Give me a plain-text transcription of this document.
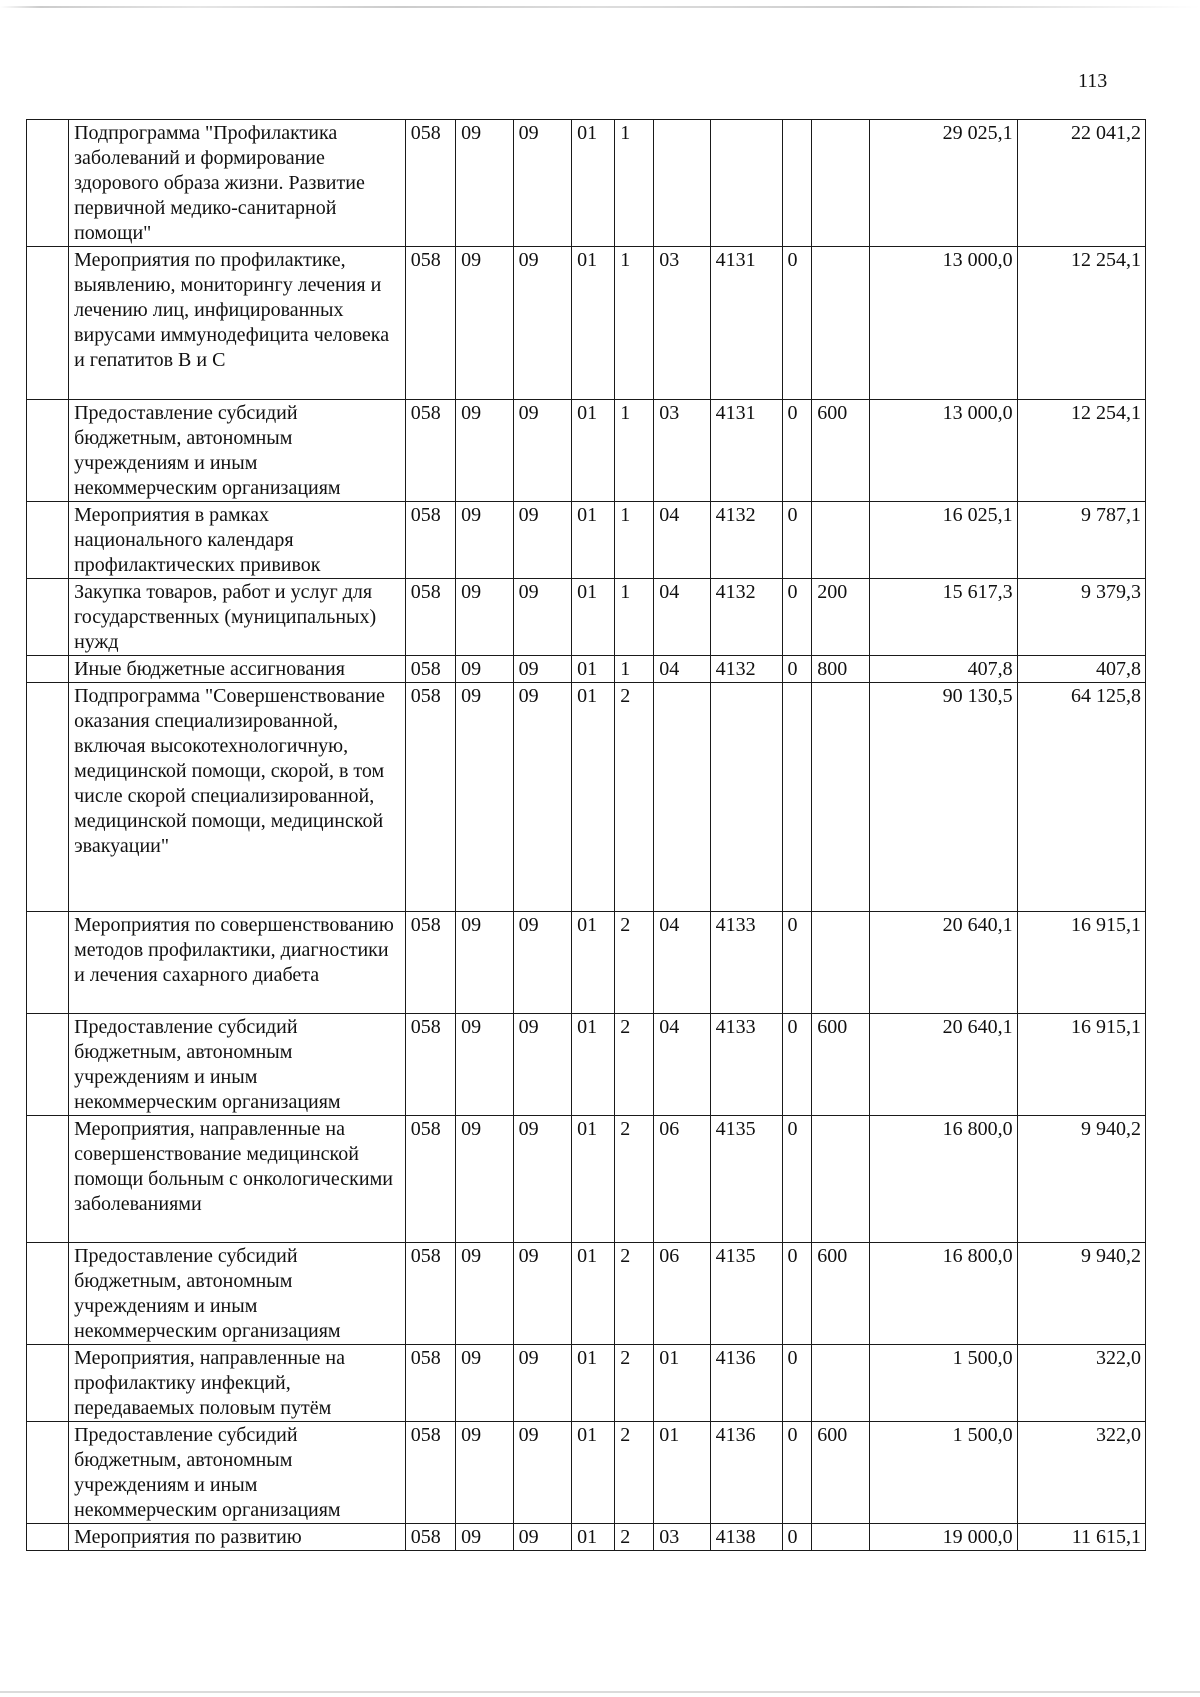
113
	Подпрограмма "Профилактика заболеваний и формирование здорового образа жизни. Развитие первичной медико-санитарной помощи"	058	09	09	01	1					29 025,1	22 041,2
	Мероприятия по профилактике, выявлению, мониторингу лечения и лечению лиц, инфицированных вирусами иммунодефицита человека и гепатитов В и С	058	09	09	01	1	03	4131	0		13 000,0	12 254,1
	Предоставление субсидий бюджетным, автономным учреждениям и иным некоммерческим организациям	058	09	09	01	1	03	4131	0	600	13 000,0	12 254,1
	Мероприятия в рамках национального календаря профилактических прививок	058	09	09	01	1	04	4132	0		16 025,1	9 787,1
	Закупка товаров, работ и услуг для государственных (муниципальных) нужд	058	09	09	01	1	04	4132	0	200	15 617,3	9 379,3
	Иные бюджетные ассигнования	058	09	09	01	1	04	4132	0	800	407,8	407,8
	Подпрограмма "Совершенствование оказания специализированной, включая высокотехнологичную, медицинской помощи, скорой, в том числе скорой специализированной, медицинской помощи, медицинской эвакуации"	058	09	09	01	2					90 130,5	64 125,8
	Мероприятия по совершенствованию методов профилактики, диагностики и лечения сахарного диабета	058	09	09	01	2	04	4133	0		20 640,1	16 915,1
	Предоставление субсидий бюджетным, автономным учреждениям и иным некоммерческим организациям	058	09	09	01	2	04	4133	0	600	20 640,1	16 915,1
	Мероприятия, направленные на совершенствование медицинской помощи больным с онкологическими заболеваниями	058	09	09	01	2	06	4135	0		16 800,0	9 940,2
	Предоставление субсидий бюджетным, автономным учреждениям и иным некоммерческим организациям	058	09	09	01	2	06	4135	0	600	16 800,0	9 940,2
	Мероприятия, направленные на профилактику инфекций, передаваемых половым путём	058	09	09	01	2	01	4136	0		1 500,0	322,0
	Предоставление субсидий бюджетным, автономным учреждениям и иным некоммерческим организациям	058	09	09	01	2	01	4136	0	600	1 500,0	322,0
	Мероприятия по развитию	058	09	09	01	2	03	4138	0		19 000,0	11 615,1
